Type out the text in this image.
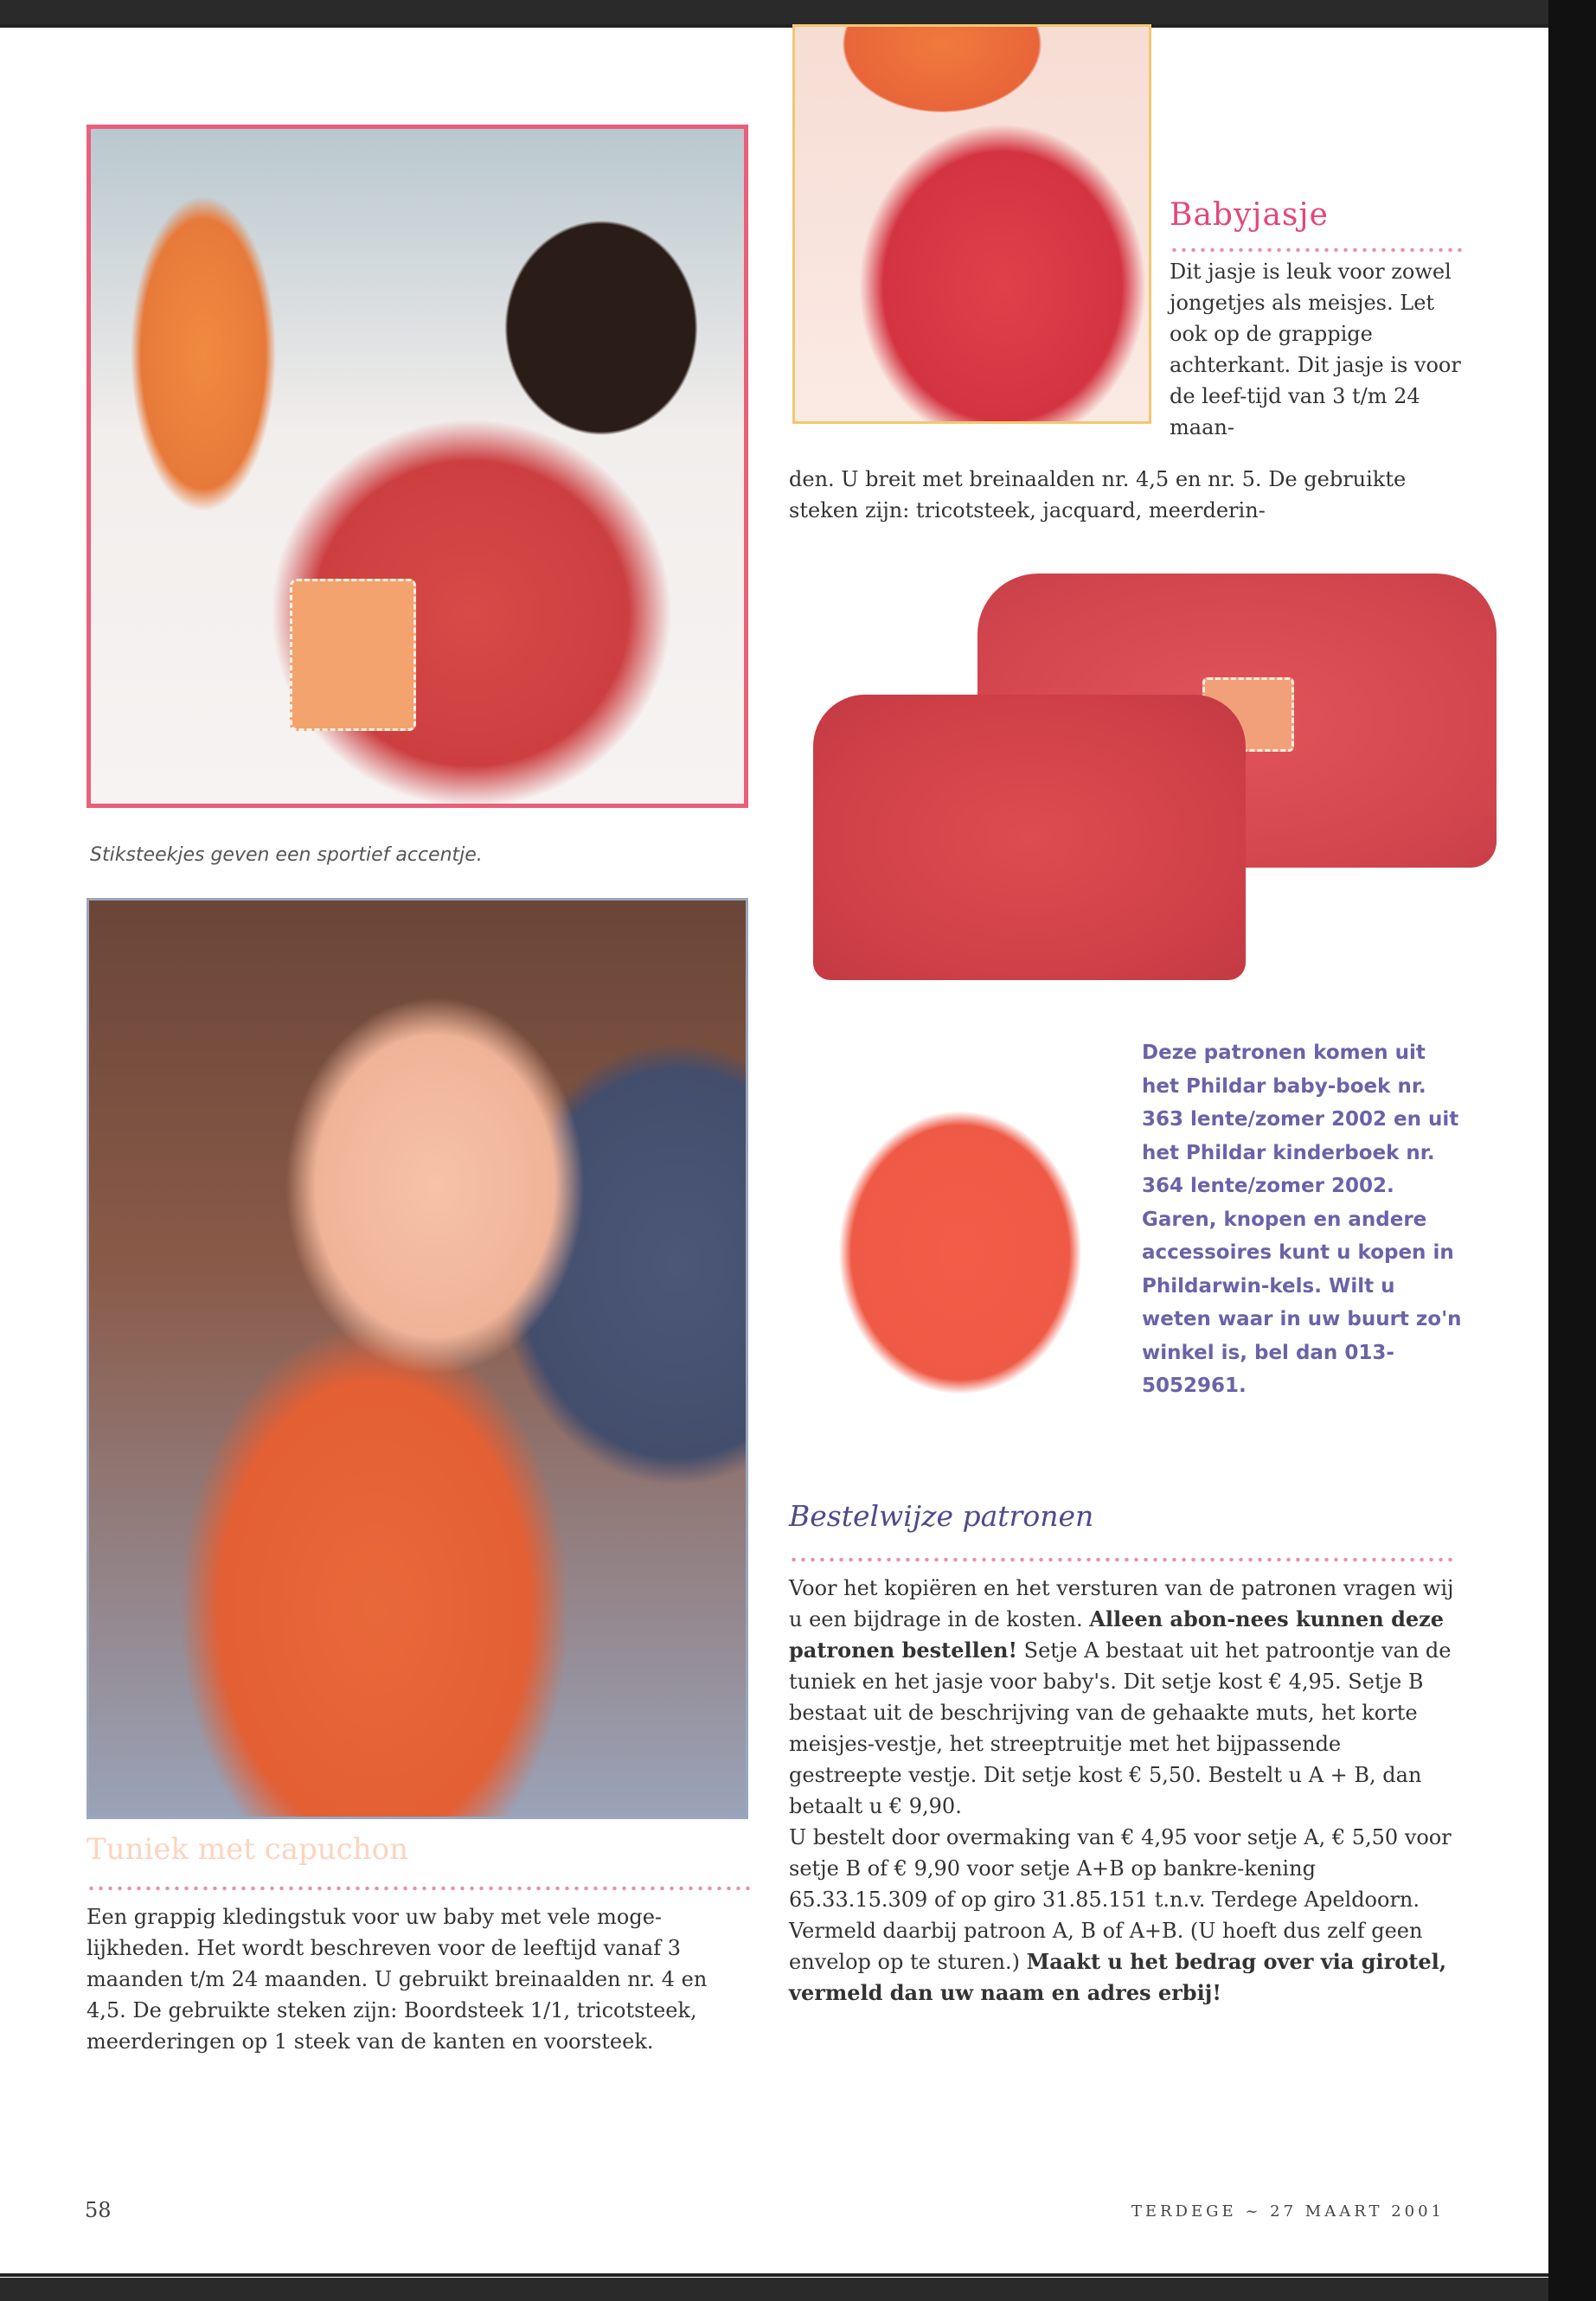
Stiksteekjes geven een sportief accentje.
Babyjasje
Dit jasje is leuk voor zowel jongetjes als meisjes. Let ook op de grappige achterkant. Dit jasje is voor de leef-tijd van 3 t/m 24 maan-
den. U breit met breinaalden nr. 4,5 en nr. 5. De gebruikte steken zijn: tricotsteek, jacquard, meerderin-
Deze patronen komen uit het Phildar baby-boek nr. 363 lente/zomer 2002 en uit het Phildar kinderboek nr. 364 lente/zomer 2002. Garen, knopen en andere accessoires kunt u kopen in Phildarwin-kels. Wilt u weten waar in uw buurt zo'n winkel is, bel dan 013-5052961.
Bestelwijze patronen

Voor het kopiëren en het versturen van de patronen vragen wij u een bijdrage in de kosten. Alleen abon-nees kunnen deze patronen bestellen! Setje A bestaat uit het patroontje van de tuniek en het jasje voor baby's. Dit setje kost € 4,95. Setje B bestaat uit de beschrijving van de gehaakte muts, het korte meisjes-vestje, het streeptruitje met het bijpassende gestreepte vestje. Dit setje kost € 5,50. Bestelt u A + B, dan betaalt u € 9,90.

U bestelt door overmaking van € 4,95 voor setje A, € 5,50 voor setje B of € 9,90 voor setje A+B op bankre-kening 65.33.15.309 of op giro 31.85.151 t.n.v. Terdege Apeldoorn. Vermeld daarbij patroon A, B of A+B. (U hoeft dus zelf geen envelop op te sturen.) Maakt u het bedrag over via girotel, vermeld dan uw naam en adres erbij!

Tuniek met capuchon
Een grappig kledingstuk voor uw baby met vele moge-lijkheden. Het wordt beschreven voor de leeftijd vanaf 3 maanden t/m 24 maanden. U gebruikt breinaalden nr. 4 en 4,5. De gebruikte steken zijn: Boordsteek 1/1, tricotsteek, meerderingen op 1 steek van de kanten en voorsteek.
58	TERDEGE ~ 27 MAART 2001
